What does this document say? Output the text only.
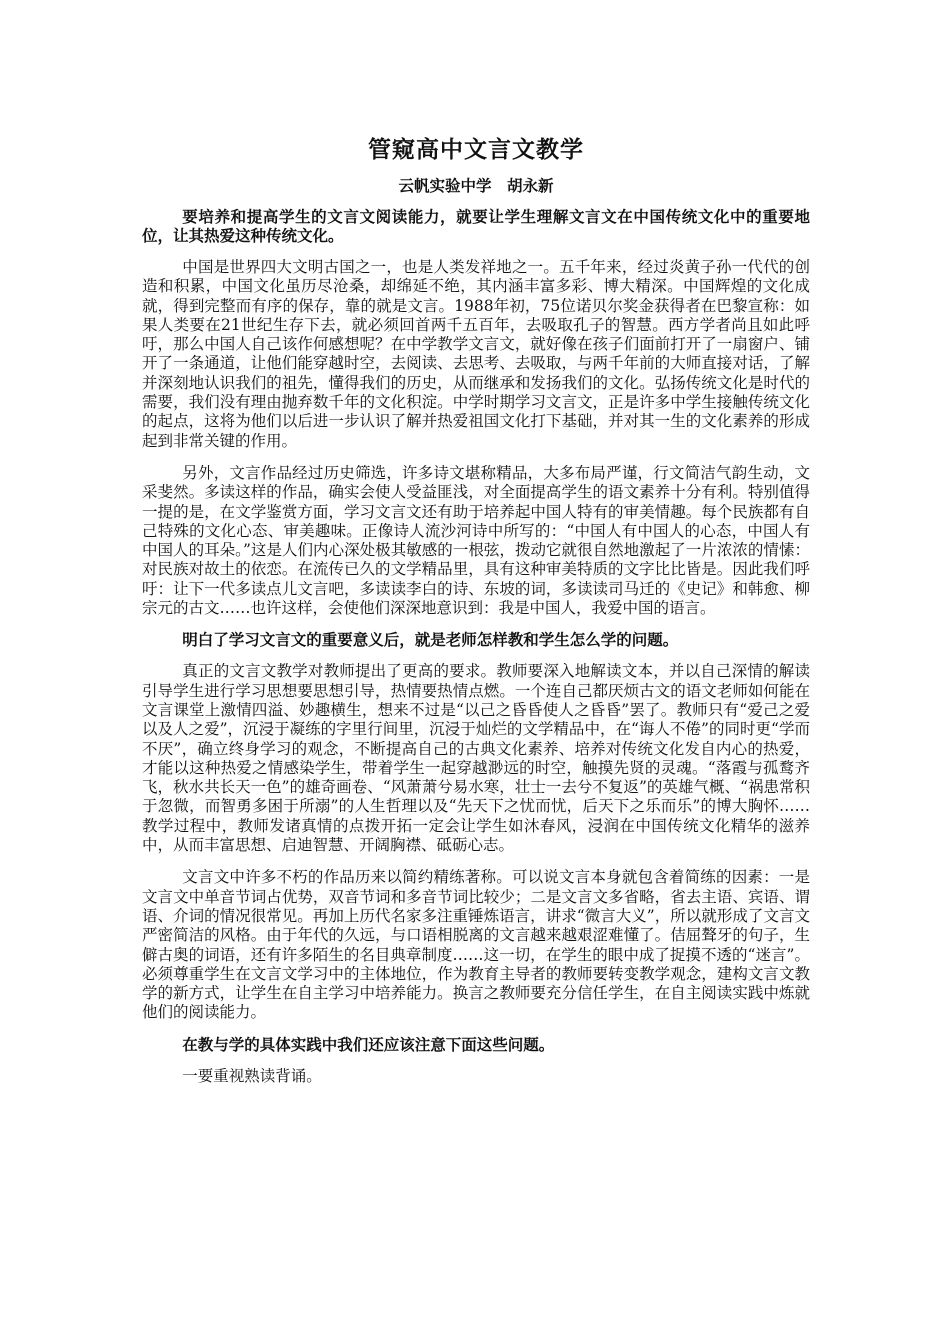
管窥高中文言文教学
云帆实验中学　胡永新
要培养和提高学生的文言文阅读能力，就要让学生理解文言文在中国传统文化中的重要地位，让其热爱这种传统文化。
中国是世界四大文明古国之一，也是人类发祥地之一。五千年来，经过炎黄子孙一代代的创造和积累，中国文化虽历尽沧桑，却绵延不绝，其内涵丰富多彩、博大精深。中国辉煌的文化成就，得到完整而有序的保存，靠的就是文言。1988年初，75位诺贝尔奖金获得者在巴黎宣称：如果人类要在21世纪生存下去，就必须回首两千五百年，去吸取孔子的智慧。西方学者尚且如此呼吁，那么中国人自己该作何感想呢？在中学教学文言文，就好像在孩子们面前打开了一扇窗户、铺开了一条通道，让他们能穿越时空，去阅读、去思考、去吸取，与两千年前的大师直接对话，了解并深刻地认识我们的祖先，懂得我们的历史，从而继承和发扬我们的文化。弘扬传统文化是时代的需要，我们没有理由抛弃数千年的文化积淀。中学时期学习文言文，正是许多中学生接触传统文化的起点，这将为他们以后进一步认识了解并热爱祖国文化打下基础，并对其一生的文化素养的形成起到非常关键的作用。
另外，文言作品经过历史筛选，许多诗文堪称精品，大多布局严谨，行文简洁气韵生动，文采斐然。多读这样的作品，确实会使人受益匪浅，对全面提高学生的语文素养十分有利。特别值得一提的是，在文学鉴赏方面，学习文言文还有助于培养起中国人特有的审美情趣。每个民族都有自己特殊的文化心态、审美趣味。正像诗人流沙河诗中所写的：“中国人有中国人的心态，中国人有中国人的耳朵。”这是人们内心深处极其敏感的一根弦，拨动它就很自然地激起了一片浓浓的情愫：对民族对故土的依恋。在流传已久的文学精品里，具有这种审美特质的文字比比皆是。因此我们呼吁：让下一代多读点儿文言吧，多读读李白的诗、东坡的词，多读读司马迁的《史记》和韩愈、柳宗元的古文……也许这样，会使他们深深地意识到：我是中国人，我爱中国的语言。
明白了学习文言文的重要意义后，就是老师怎样教和学生怎么学的问题。
真正的文言文教学对教师提出了更高的要求。教师要深入地解读文本，并以自己深情的解读引导学生进行学习思想要思想引导，热情要热情点燃。一个连自己都厌烦古文的语文老师如何能在文言课堂上激情四溢、妙趣横生，想来不过是“以己之昏昏使人之昏昏”罢了。教师只有“爱己之爱以及人之爱”，沉浸于凝练的字里行间里，沉浸于灿烂的文学精品中，在“诲人不倦”的同时更“学而不厌”，确立终身学习的观念，不断提高自己的古典文化素养、培养对传统文化发自内心的热爱，才能以这种热爱之情感染学生，带着学生一起穿越渺远的时空，触摸先贤的灵魂。“落霞与孤鹜齐飞，秋水共长天一色”的雄奇画卷、“风萧萧兮易水寒，壮士一去兮不复返”的英雄气概、“祸患常积于忽微，而智勇多困于所溺”的人生哲理以及“先天下之忧而忧，后天下之乐而乐”的博大胸怀……教学过程中，教师发诸真情的点拨开拓一定会让学生如沐春风，浸润在中国传统文化精华的滋养中，从而丰富思想、启迪智慧、开阔胸襟、砥砺心志。
文言文中许多不朽的作品历来以简约精练著称。可以说文言本身就包含着简练的因素：一是文言文中单音节词占优势，双音节词和多音节词比较少；二是文言文多省略，省去主语、宾语、谓语、介词的情况很常见。再加上历代名家多注重锤炼语言，讲求“微言大义”，所以就形成了文言文严密简洁的风格。由于年代的久远，与口语相脱离的文言越来越艰涩难懂了。佶屈聱牙的句子，生僻古奥的词语，还有许多陌生的名目典章制度……这一切，在学生的眼中成了捉摸不透的“迷言”。必须尊重学生在文言文学习中的主体地位，作为教育主导者的教师要转变教学观念，建构文言文教学的新方式，让学生在自主学习中培养能力。换言之教师要充分信任学生，在自主阅读实践中炼就他们的阅读能力。
在教与学的具体实践中我们还应该注意下面这些问题。
一要重视熟读背诵。
